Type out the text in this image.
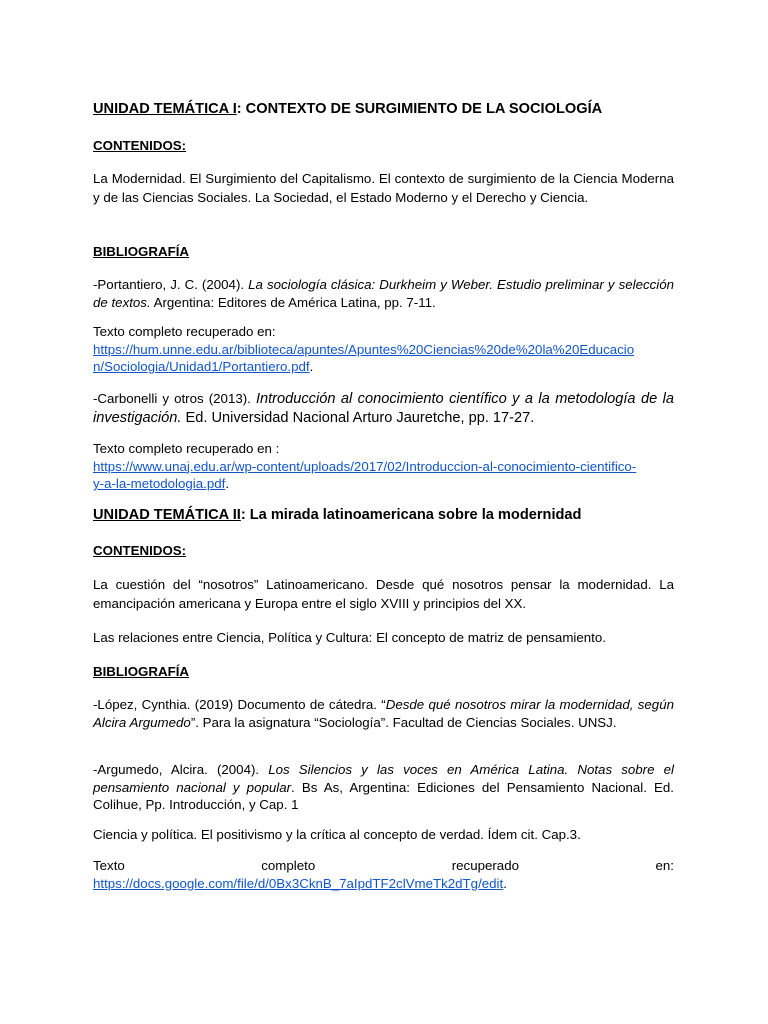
UNIDAD TEMÁTICA I: CONTEXTO DE SURGIMIENTO DE LA SOCIOLOGÍA
CONTENIDOS:
La Modernidad. El Surgimiento del Capitalismo. El contexto de surgimiento de la Ciencia Moderna y de las Ciencias Sociales. La Sociedad, el Estado Moderno y el Derecho y Ciencia.
BIBLIOGRAFÍA
-Portantiero, J. C. (2004). La sociología clásica: Durkheim y Weber. Estudio preliminar y selección de textos. Argentina: Editores de América Latina, pp. 7-11.
Texto completo recuperado en:
https://hum.unne.edu.ar/biblioteca/apuntes/Apuntes%20Ciencias%20de%20la%20Educacio
n/Sociologia/Unidad1/Portantiero.pdf.
-Carbonelli y otros (2013). Introducción al conocimiento científico y a la metodología de la investigación. Ed. Universidad Nacional Arturo Jauretche, pp. 17-27.
Texto completo recuperado en :
https://www.unaj.edu.ar/wp-content/uploads/2017/02/Introduccion-al-conocimiento-cientifico-
y-a-la-metodologia.pdf.
UNIDAD TEMÁTICA II: La mirada latinoamericana sobre la modernidad
CONTENIDOS:
La cuestión del “nosotros” Latinoamericano. Desde qué nosotros pensar la modernidad. La emancipación americana y Europa entre el siglo XVIII y principios del XX.
Las relaciones entre Ciencia, Política y Cultura: El concepto de matriz de pensamiento.
BIBLIOGRAFÍA
-López, Cynthia. (2019) Documento de cátedra. “Desde qué nosotros mirar la modernidad, según Alcira Argumedo”. Para la asignatura “Sociología”. Facultad de Ciencias Sociales. UNSJ.
-Argumedo, Alcira. (2004). Los Silencios y las voces en América Latina. Notas sobre el pensamiento nacional y popular. Bs As, Argentina: Ediciones del Pensamiento Nacional. Ed. Colihue, Pp. Introducción, y Cap. 1
Ciencia y política. El positivismo y la crítica al concepto de verdad. Ídem cit. Cap.3.
Texto	completo	recuperado	en:
https://docs.google.com/file/d/0Bx3CknB_7aIpdTF2clVmeTk2dTg/edit.
